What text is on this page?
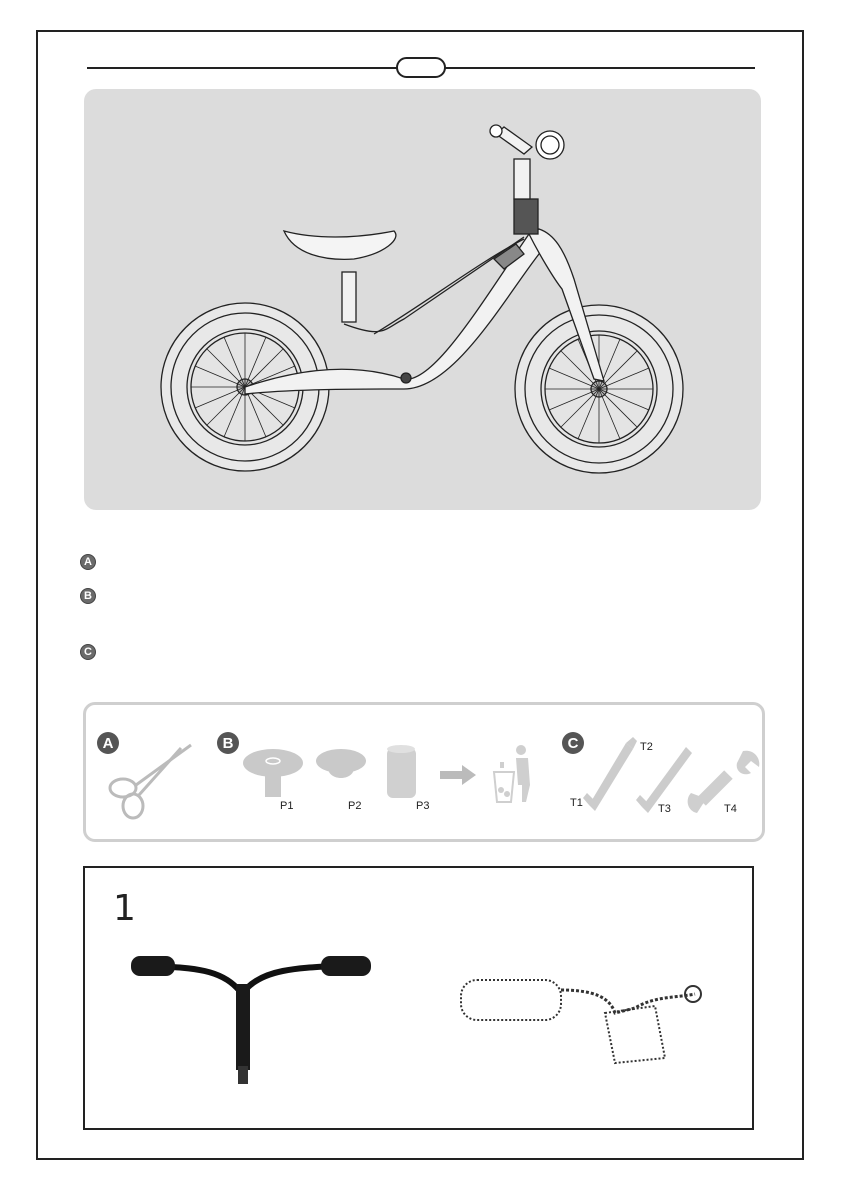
A
B
C
A	B	C
P1	P2	P3
T2
T1	T3	T4
1
